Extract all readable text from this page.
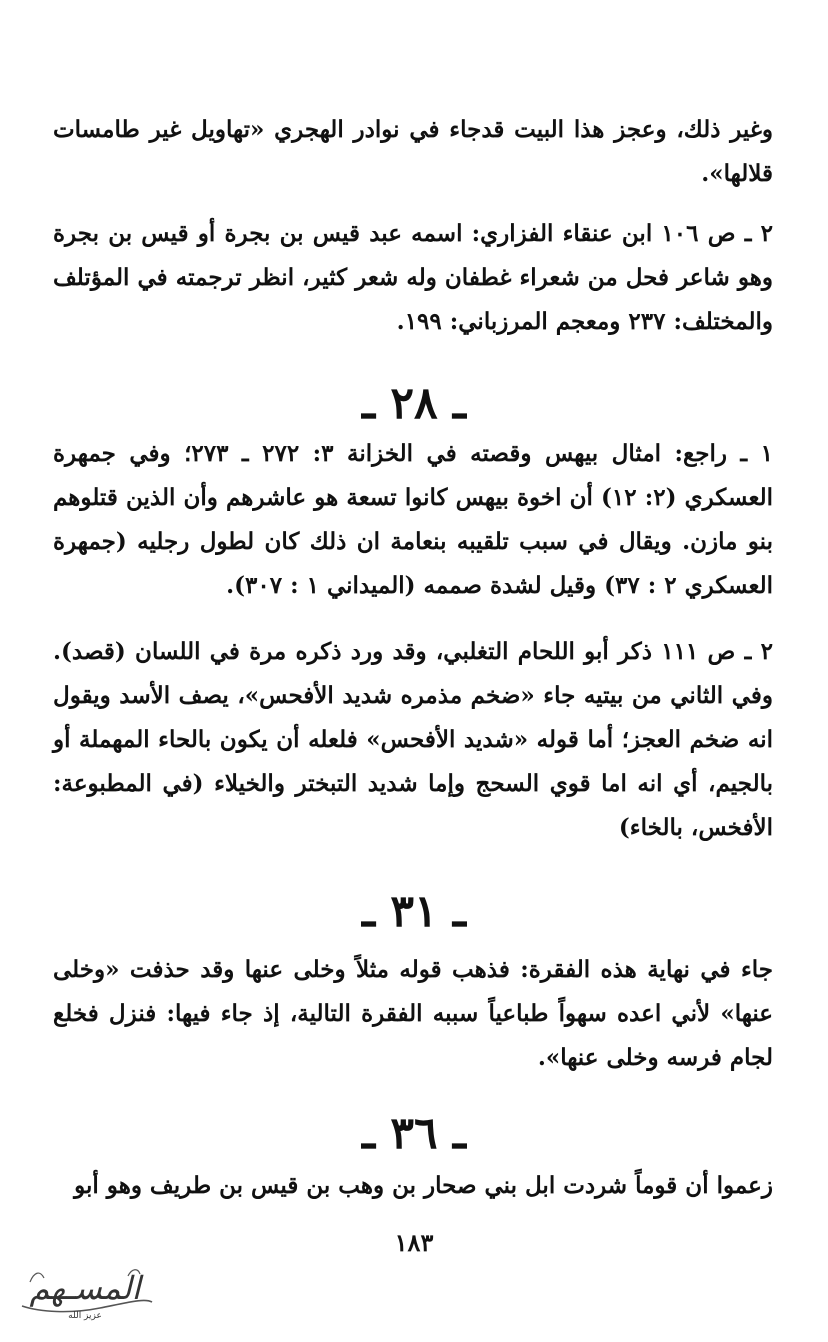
وغير ذلك، وعجز هذا البيت قدجاء في نوادر الهجري «تهاويل غير طامسات قلالها».

٢ ـ ص ١٠٦ ابن عنقاء الفزاري: اسمه عبد قيس بن بجرة أو قيس بن بجرة وهو شاعر فحل من شعراء غطفان وله شعر كثير، انظر ترجمته في المؤتلف والمختلف: ٢٣٧ ومعجم المرزباني: ١٩٩.

ـ ٢٨ ـ

١ ـ راجع: امثال بيهس وقصته في الخزانة ٣: ٢٧٢ ـ ٢٧٣؛ وفي جمهرة العسكري (٢: ١٢) أن اخوة بيهس كانوا تسعة هو عاشرهم وأن الذين قتلوهم بنو مازن. ويقال في سبب تلقيبه بنعامة ان ذلك كان لطول رجليه (جمهرة العسكري ٢ : ٣٧) وقيل لشدة صممه (الميداني ١ : ٣٠٧).

٢ ـ ص ١١١ ذكر أبو اللحام التغلبي، وقد ورد ذكره مرة في اللسان (قصد). وفي الثاني من بيتيه جاء «ضخم مذمره شديد الأفحس»، يصف الأسد ويقول انه ضخم العجز؛ أما قوله «شديد الأفحس» فلعله أن يكون بالحاء المهملة أو بالجيم، أي انه اما قوي السحج وإما شديد التبختر والخيلاء (في المطبوعة: الأفخس، بالخاء)

ـ ٣١ ـ

جاء في نهاية هذه الفقرة: فذهب قوله مثلاً وخلى عنها وقد حذفت «وخلى عنها» لأني اعده سهواً طباعياً سببه الفقرة التالية، إذ جاء فيها: فنزل فخلع لجام فرسه وخلى عنها».

ـ ٣٦ ـ

زعموا أن قوماً شردت ابل بني صحار بن وهب بن قيس بن طريف وهو أبو

١٨٣
المسـهم
عزيز الله
